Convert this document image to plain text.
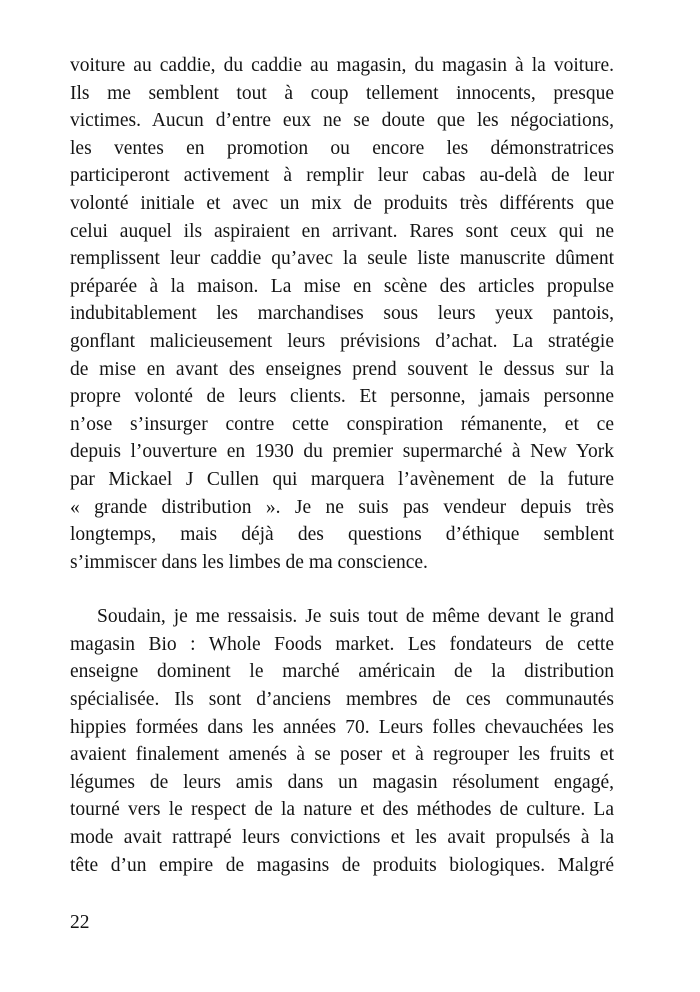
voiture au caddie, du caddie au magasin, du magasin à la voiture.
Ils me semblent tout à coup tellement innocents, presque
victimes. Aucun d’entre eux ne se doute que les négociations,
les ventes en promotion ou encore les démonstratrices
participeront activement à remplir leur cabas au-delà de leur
volonté initiale et avec un mix de produits très différents que
celui auquel ils aspiraient en arrivant. Rares sont ceux qui ne
remplissent leur caddie qu’avec la seule liste manuscrite dûment
préparée à la maison. La mise en scène des articles propulse
indubitablement les marchandises sous leurs yeux pantois,
gonflant malicieusement leurs prévisions d’achat. La stratégie
de mise en avant des enseignes prend souvent le dessus sur la
propre volonté de leurs clients. Et personne, jamais personne
n’ose s’insurger contre cette conspiration rémanente, et ce
depuis l’ouverture en 1930 du premier supermarché à New York
par Mickael J Cullen qui marquera l’avènement de la future
« grande distribution ». Je ne suis pas vendeur depuis très
longtemps, mais déjà des questions d’éthique semblent
s’immiscer dans les limbes de ma conscience.
Soudain, je me ressaisis. Je suis tout de même devant le grand
magasin Bio : Whole Foods market. Les fondateurs de cette
enseigne dominent le marché américain de la distribution
spécialisée. Ils sont d’anciens membres de ces communautés
hippies formées dans les années 70. Leurs folles chevauchées les
avaient finalement amenés à se poser et à regrouper les fruits et
légumes de leurs amis dans un magasin résolument engagé,
tourné vers le respect de la nature et des méthodes de culture. La
mode avait rattrapé leurs convictions et les avait propulsés à la
tête d’un empire de magasins de produits biologiques. Malgré
22
